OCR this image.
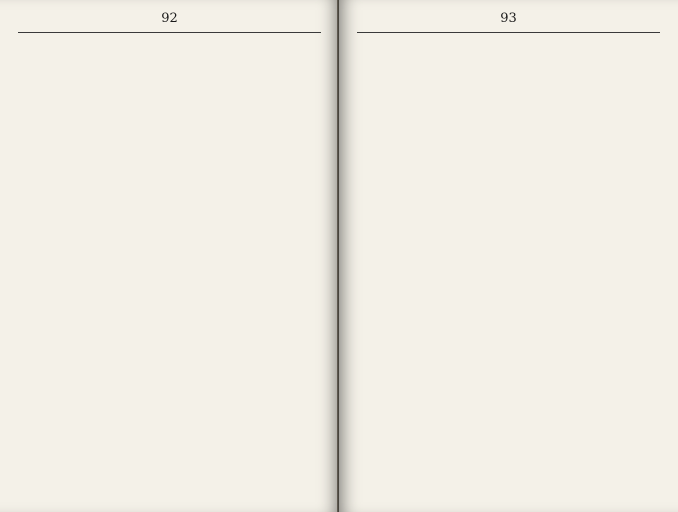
92	93
